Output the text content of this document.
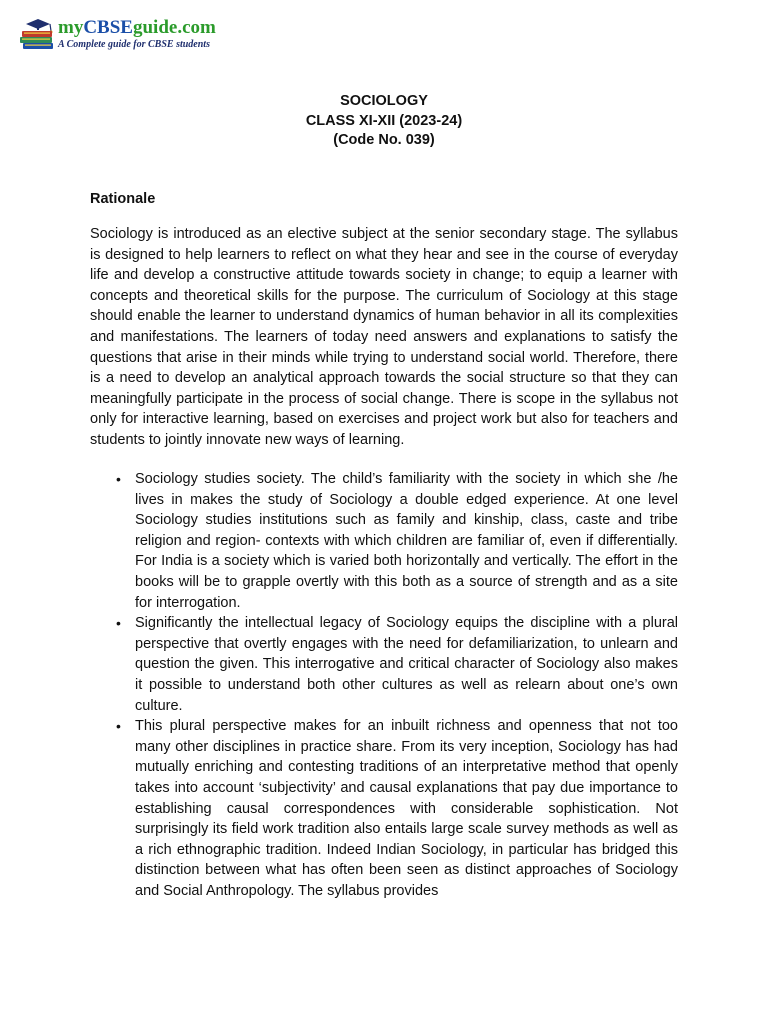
myCBSEguide.com
A Complete guide for CBSE students
SOCIOLOGY
CLASS XI-XII (2023-24)
(Code No. 039)
Rationale

Sociology is introduced as an elective subject at the senior secondary stage. The syllabus is designed to help learners to reflect on what they hear and see in the course of everyday life and develop a constructive attitude towards society in change; to equip a learner with concepts and theoretical skills for the purpose. The curriculum of Sociology at this stage should enable the learner to understand dynamics of human behavior in all its complexities and manifestations. The learners of today need answers and explanations to satisfy the questions that arise in their minds while trying to understand social world. Therefore, there is a need to develop an analytical approach towards the social structure so that they can meaningfully participate in the process of social change. There is scope in the syllabus not only for interactive learning, based on exercises and project work but also for teachers and students to jointly innovate new ways of learning.

• Sociology studies society. The child’s familiarity with the society in which she /he lives in makes the study of Sociology a double edged experience. At one level Sociology studies institutions such as family and kinship, class, caste and tribe religion and region- contexts with which children are familiar of, even if differentially. For India is a society which is varied both horizontally and vertically. The effort in the books will be to grapple overtly with this both as a source of strength and as a site for interrogation.
• Significantly the intellectual legacy of Sociology equips the discipline with a plural perspective that overtly engages with the need for defamiliarization, to unlearn and question the given. This interrogative and critical character of Sociology also makes it possible to understand both other cultures as well as relearn about one’s own culture.
• This plural perspective makes for an inbuilt richness and openness that not too many other disciplines in practice share. From its very inception, Sociology has had mutually enriching and contesting traditions of an interpretative method that openly takes into account ‘subjectivity’ and causal explanations that pay due importance to establishing causal correspondences with considerable sophistication. Not surprisingly its field work tradition also entails large scale survey methods as well as a rich ethnographic tradition. Indeed Indian Sociology, in particular has bridged this distinction between what has often been seen as distinct approaches of Sociology and Social Anthropology. The syllabus provides
